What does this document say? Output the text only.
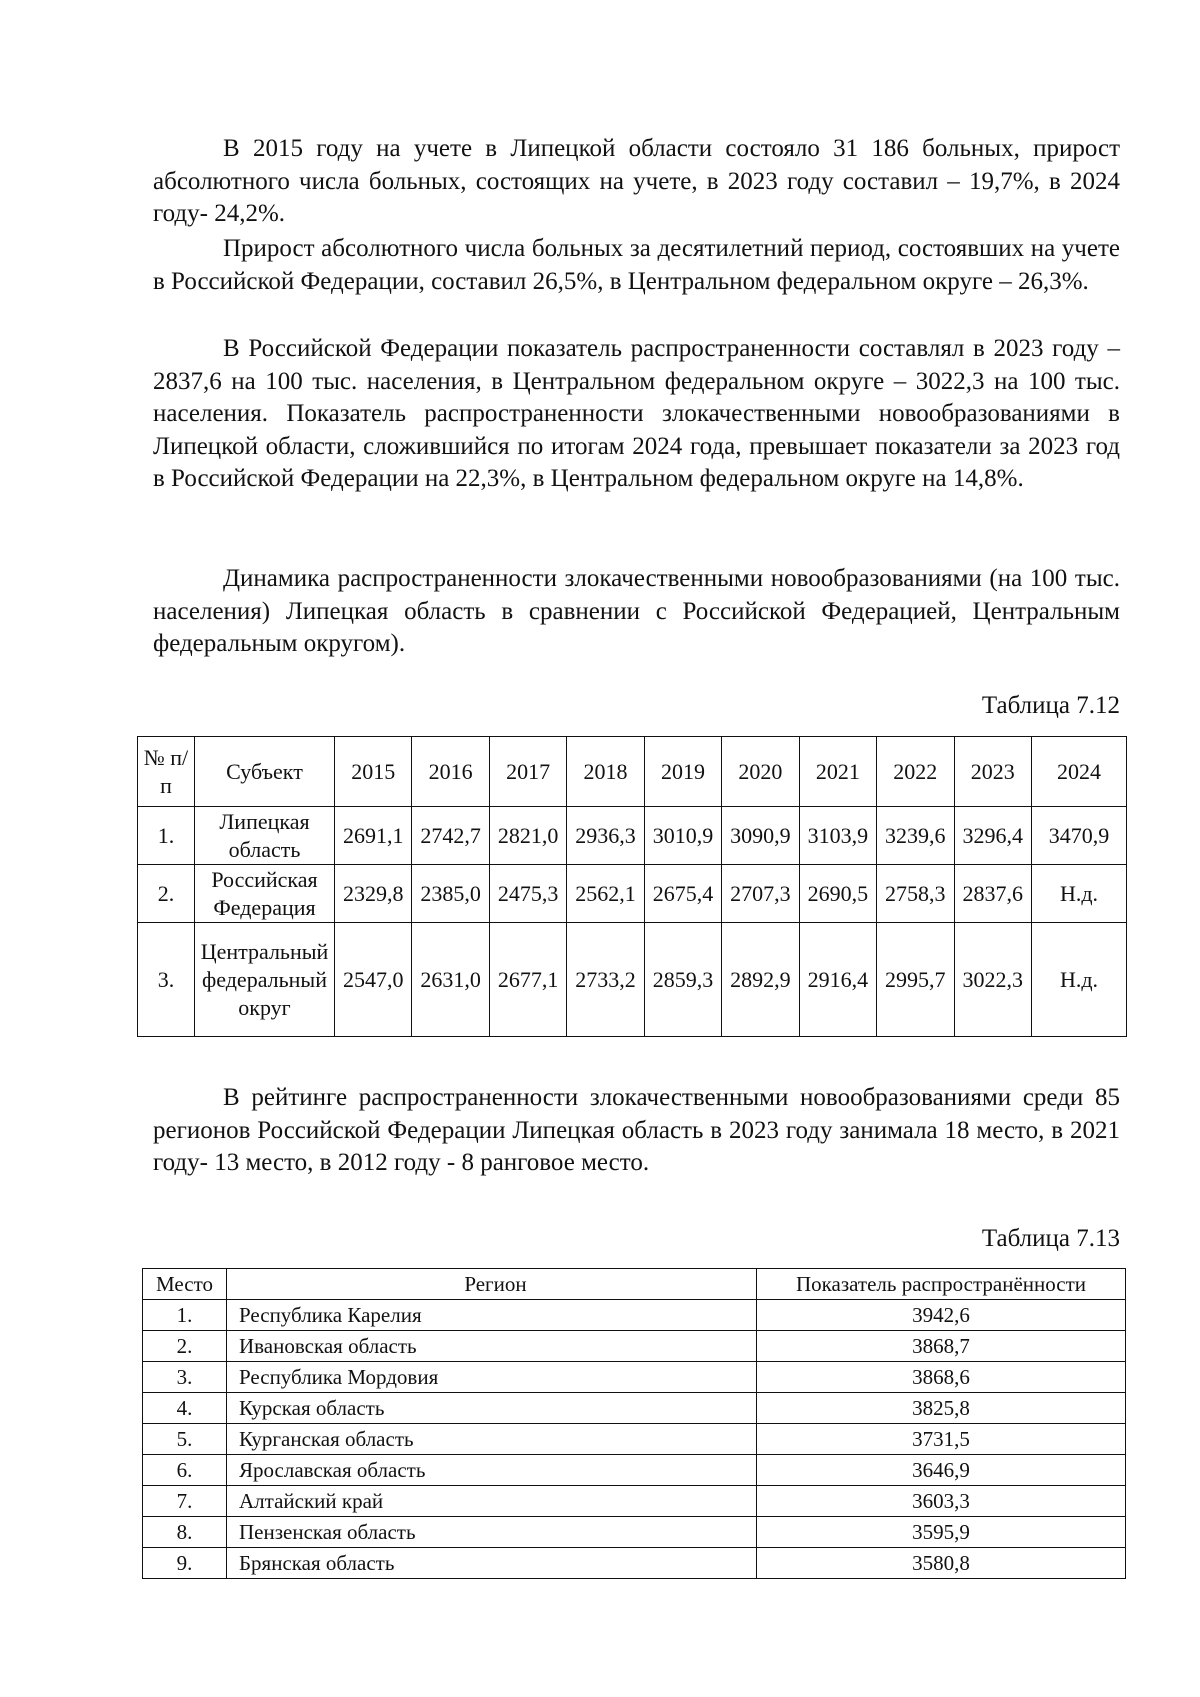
В 2015 году на учете в Липецкой области состояло 31 186 больных, прирост абсолютного числа больных, состоящих на учете, в 2023 году составил – 19,7%, в 2024 году- 24,2%.

Прирост абсолютного числа больных за десятилетний период, состоявших на учете в Российской Федерации, составил 26,5%, в Центральном федеральном округе – 26,3%.

В Российской Федерации показатель распространенности составлял в 2023 году – 2837,6 на 100 тыс. населения, в Центральном федеральном округе – 3022,3 на 100 тыс. населения. Показатель распространенности злокачественными новообразованиями в Липецкой области, сложившийся по итогам 2024 года, превышает показатели за 2023 год в Российской Федерации на 22,3%, в Центральном федеральном округе на 14,8%.

Динамика распространенности злокачественными новообразованиями (на 100 тыс. населения) Липецкая область в сравнении с Российской Федерацией, Центральным федеральным округом).

Таблица 7.12

№ п/п	Субъект	2015	2016	2017	2018	2019	2020	2021	2022	2023	2024
1.	Липецкая область	2691,1	2742,7	2821,0	2936,3	3010,9	3090,9	3103,9	3239,6	3296,4	3470,9
2.	Российская Федерация	2329,8	2385,0	2475,3	2562,1	2675,4	2707,3	2690,5	2758,3	2837,6	Н.д.
3.	Центральный федеральный округ	2547,0	2631,0	2677,1	2733,2	2859,3	2892,9	2916,4	2995,7	3022,3	Н.д.

В рейтинге распространенности злокачественными новообразованиями среди 85 регионов Российской Федерации Липецкая область в 2023 году занимала 18 место, в 2021 году- 13 место, в 2012 году - 8 ранговое место.

Таблица 7.13

Место	Регион	Показатель распространённости
1.	Республика Карелия	3942,6
2.	Ивановская область	3868,7
3.	Республика Мордовия	3868,6
4.	Курская область	3825,8
5.	Курганская область	3731,5
6.	Ярославская область	3646,9
7.	Алтайский край	3603,3
8.	Пензенская область	3595,9
9.	Брянская область	3580,8
